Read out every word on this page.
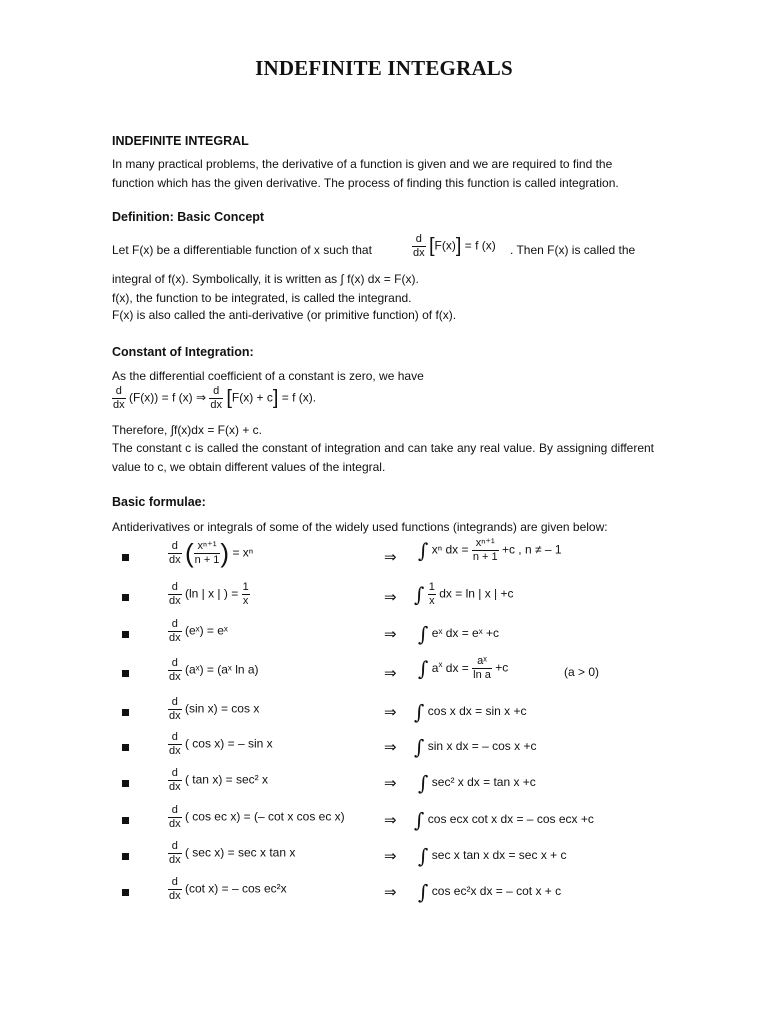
INDEFINITE INTEGRALS
INDEFINITE INTEGRAL
In many practical problems, the derivative of a function is given and we are required to find the function which has the given derivative. The process of finding this function is called integration.
Definition: Basic Concept
Let F(x) be a differentiable function of x such that	$\frac{d}{dx} [F(x)] = f$ (x) . Then F(x) is called the
integral of f(x). Symbolically, it is written as ∫ f(x) dx = F(x).
f(x), the function to be integrated, is called the integrand.
F(x) is also called the anti-derivative (or primitive function) of f(x).
Constant of Integration:
As the differential coefficient of a constant is zero, we have
$\frac{d}{dx} (F(x)) = f$ (x) ⇒ $\frac{d}{dx} [F(x) + c] = f$ (x).
Therefore, ∫f(x)dx = F(x) + c.
The constant c is called the constant of integration and can take any real value. By assigning different value to c, we obtain different values of the integral.
Basic formulae:
Antiderivatives or integrals of some of the widely used functions (integrands) are given below:
$\frac{d}{dx}$ ( $\frac{\text{xⁿ⁺¹}}{n + 1}$ ) = xⁿ	⇒ ∫ xⁿ dx = $\frac{\text{xⁿ⁺¹}}{n + 1} +c$ , n ≠ – 1
$\frac{d}{dx} (\ln$ | x | ) = $\frac{1}{x}$	⇒ ∫ $\frac{1}{x}$ dx = ln | x | +c
$\frac{d}{dx}$ (eˣ) = eˣ	⇒ ∫ eˣ dx = eˣ +c
$\frac{d}{dx}$ (aˣ) = (aˣ ln a)	⇒ ∫ $a^x$ dx = $\frac{\text{aˣ}}{\text{ln a}} +c$	(a > 0)
$\frac{d}{dx} (\sin$ x) = cos x	⇒ ∫ cos x dx = sin x +c
$\frac{d}{dx}$ ( cos x) = – sin x	⇒ ∫ sin x dx = – cos x +c
$\frac{d}{dx}$ ( tan x) = sec² x	⇒ ∫ sec² x dx = tan x +c
$\frac{d}{dx}$ ( cos ec x) = (– cot x cos ec x)	⇒ ∫ cos ecx cot x dx = – cos ecx +c
$\frac{d}{dx}$ ( sec x) = sec x tan x	⇒ ∫ sec x tan x dx = sec x + c
$\frac{d}{dx} (\cot$ x) = – cos ec²x	⇒ ∫ cos ec²x dx = – cot x + c
